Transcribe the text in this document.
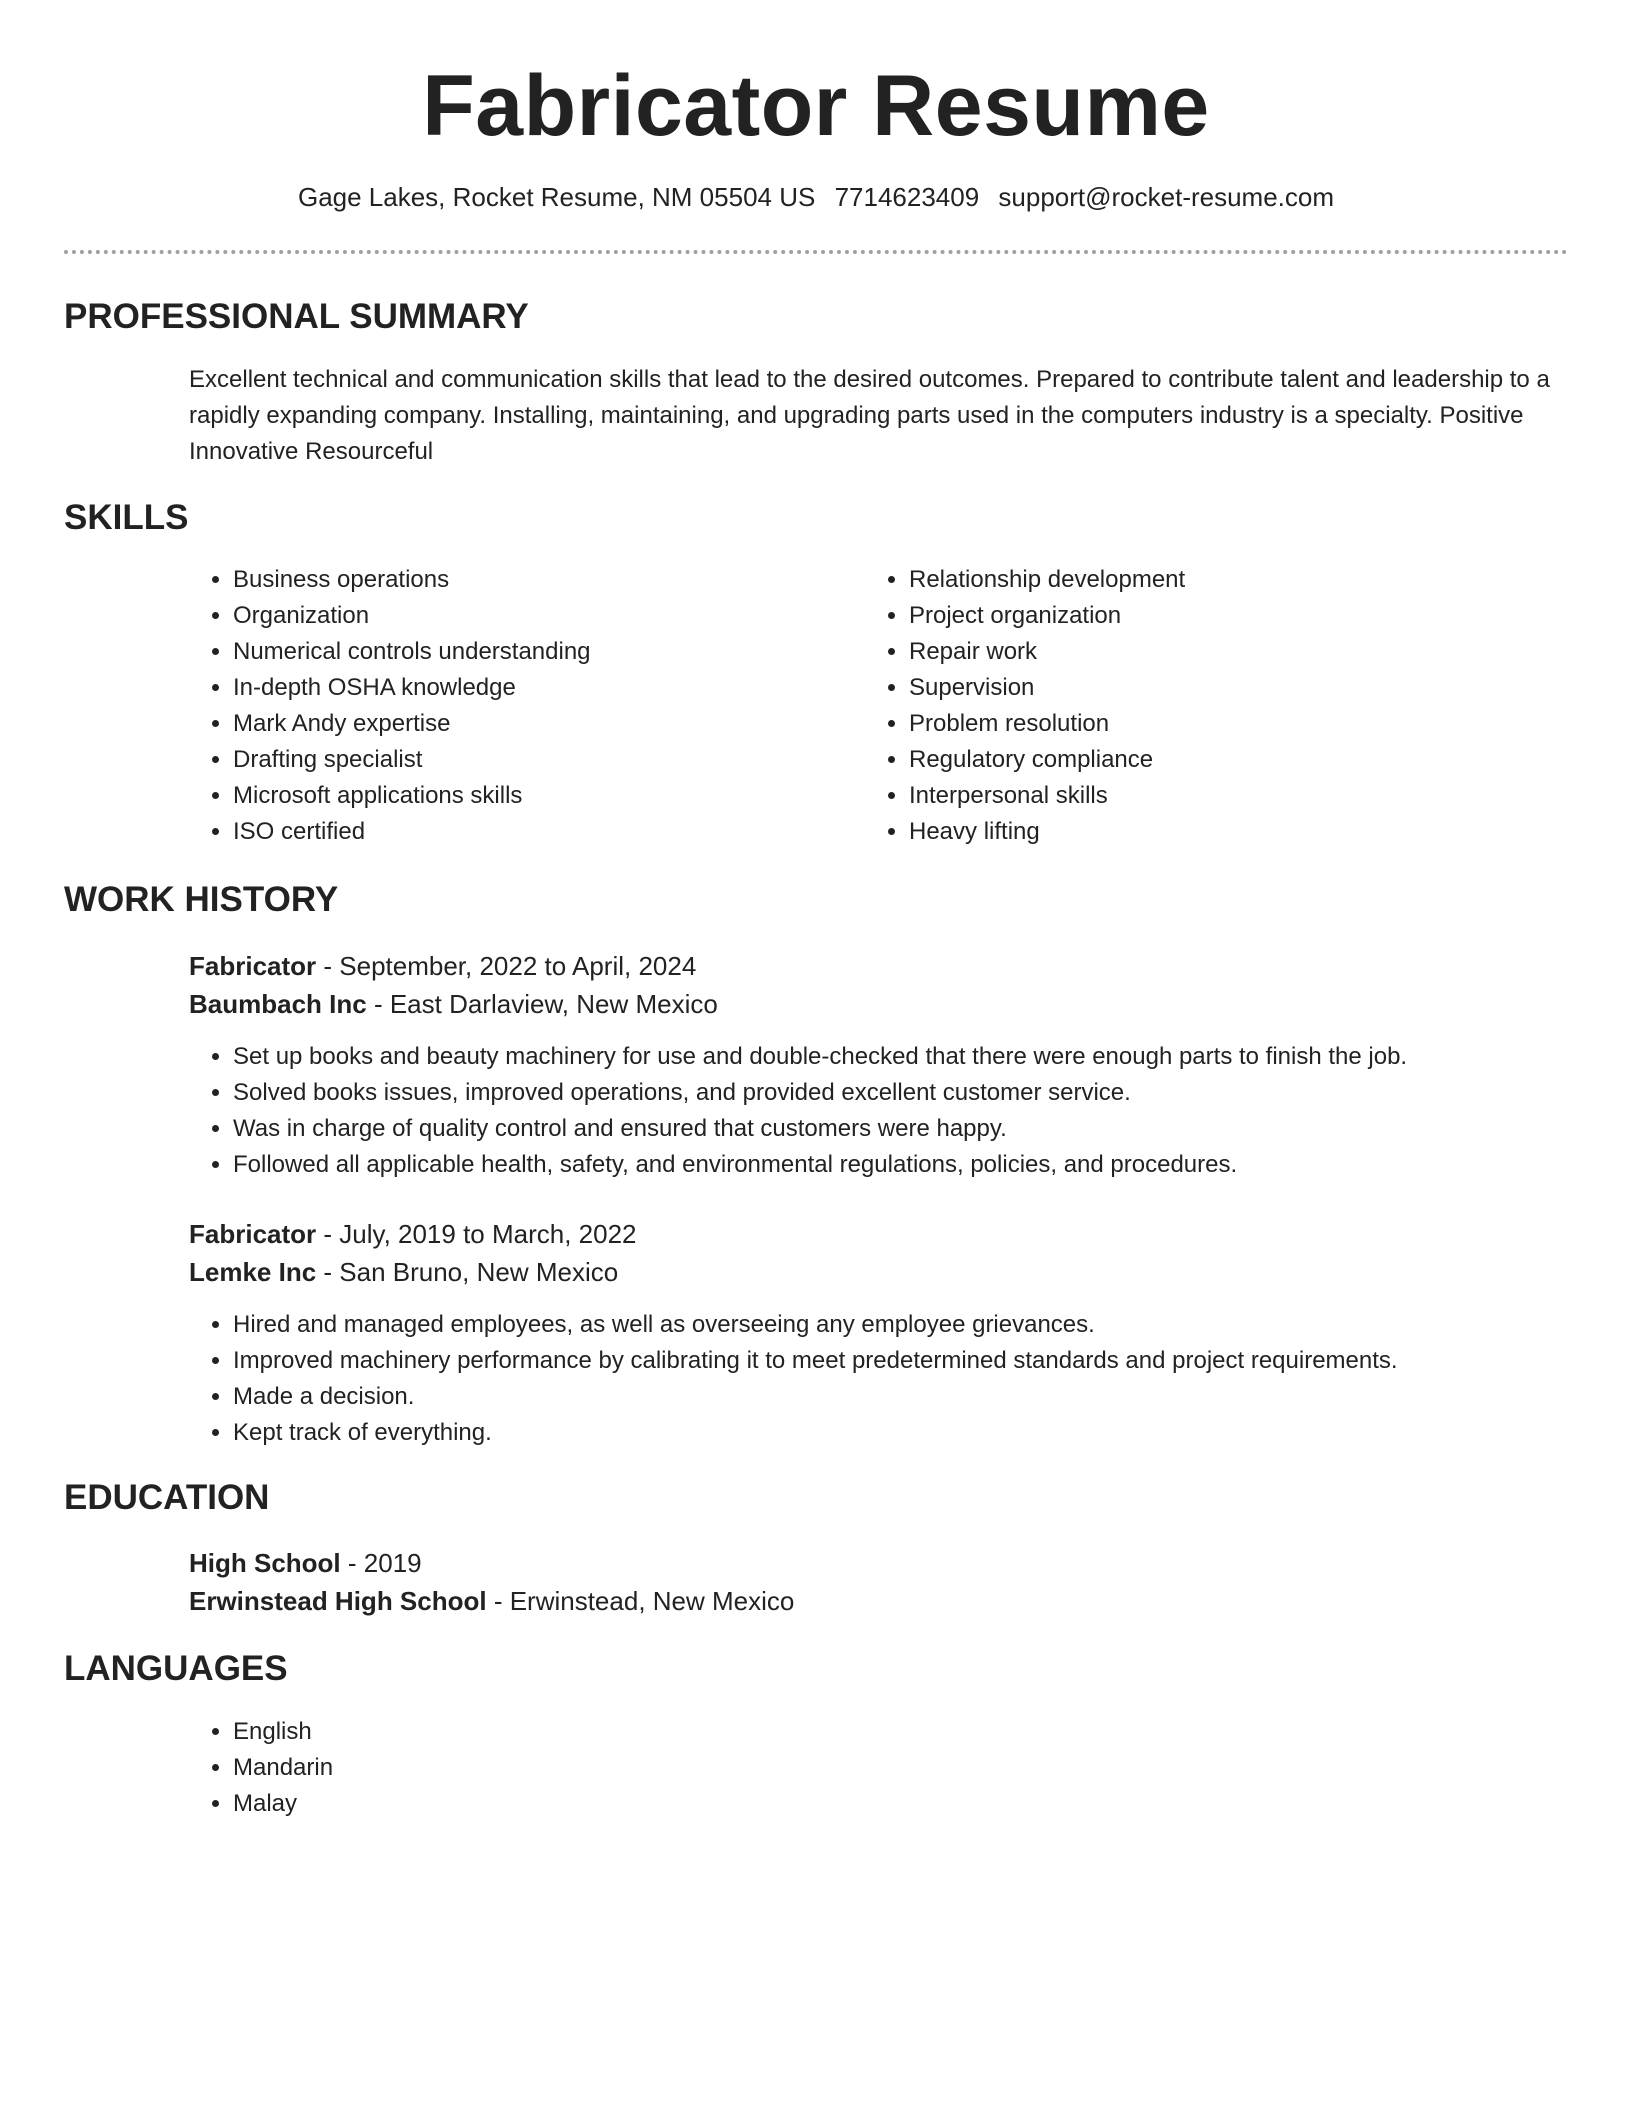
Fabricator Resume
Gage Lakes, Rocket Resume, NM 05504 US 7714623409 support@rocket-resume.com
PROFESSIONAL SUMMARY
Excellent technical and communication skills that lead to the desired outcomes. Prepared to contribute talent and leadership to a rapidly expanding company. Installing, maintaining, and upgrading parts used in the computers industry is a specialty. Positive Innovative Resourceful
SKILLS
• Business operations
• Organization
• Numerical controls understanding
• In-depth OSHA knowledge
• Mark Andy expertise
• Drafting specialist
• Microsoft applications skills
• ISO certified
• Relationship development
• Project organization
• Repair work
• Supervision
• Problem resolution
• Regulatory compliance
• Interpersonal skills
• Heavy lifting
WORK HISTORY
Fabricator - September, 2022 to April, 2024
Baumbach Inc - East Darlaview, New Mexico
• Set up books and beauty machinery for use and double-checked that there were enough parts to finish the job.
• Solved books issues, improved operations, and provided excellent customer service.
• Was in charge of quality control and ensured that customers were happy.
• Followed all applicable health, safety, and environmental regulations, policies, and procedures.
Fabricator - July, 2019 to March, 2022
Lemke Inc - San Bruno, New Mexico
• Hired and managed employees, as well as overseeing any employee grievances.
• Improved machinery performance by calibrating it to meet predetermined standards and project requirements.
• Made a decision.
• Kept track of everything.
EDUCATION
High School - 2019
Erwinstead High School - Erwinstead, New Mexico
LANGUAGES
• English
• Mandarin
• Malay
